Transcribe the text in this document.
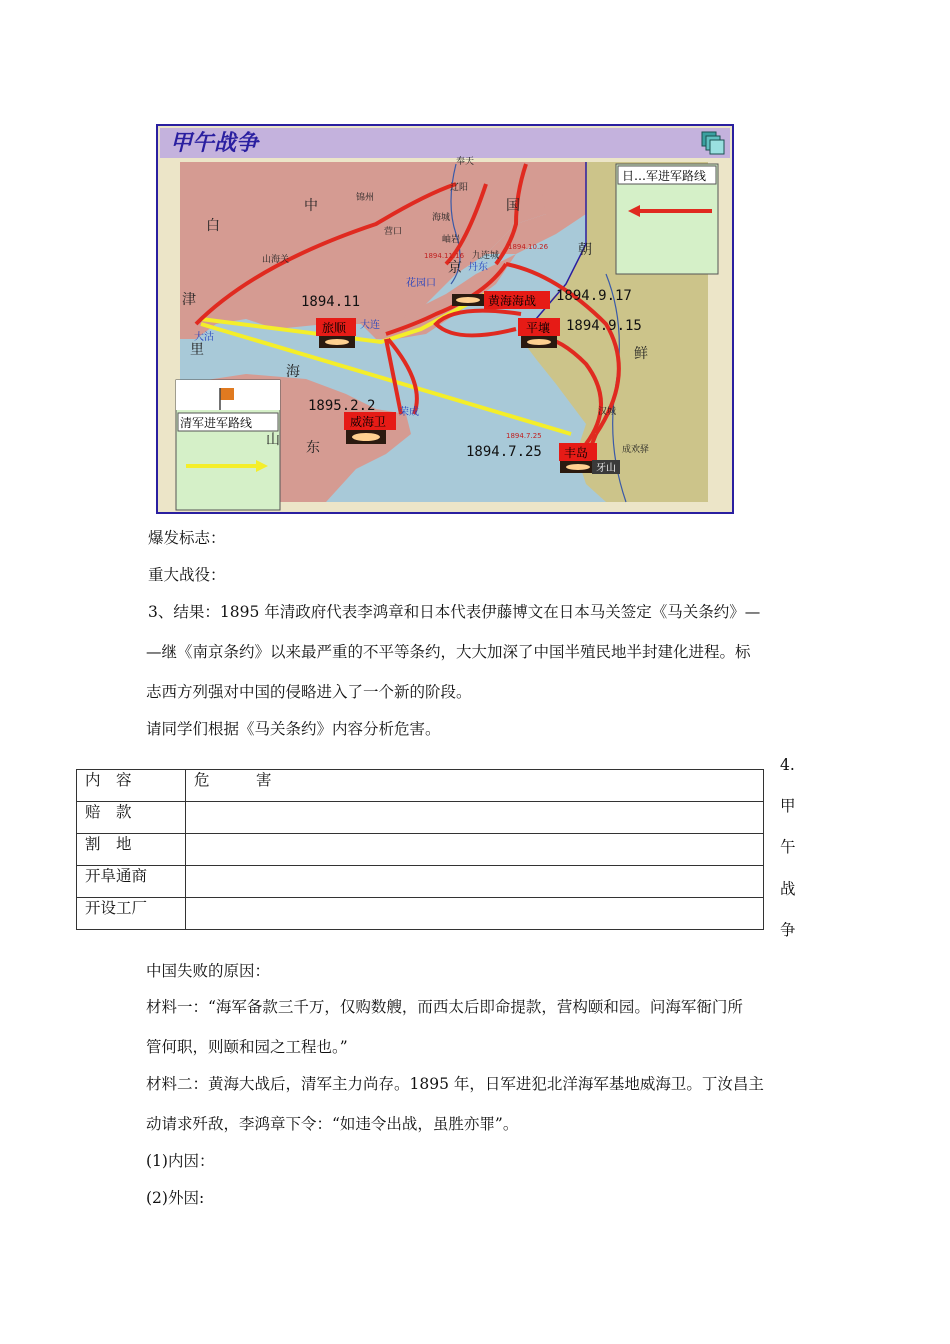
甲午战争
日…军进军路线
清军进军路线
旅顺
黄海海战
平壤
威海卫
丰岛
1894.11	1894.9.17
1894.9.15
1895.2.2
1894.7.25
1894.10.26
1894.11.16
1894.7.25
中	国
朝
鲜
白
津
里
山 东
海
京
奉天
辽阳
锦州
营口
海城
岫岩
九连城
山海关
汉城
成欢驿
大沽
花园口
丹东
大连
荣成
牙山
爆发标志：
重大战役：
3、结果：1895 年清政府代表李鸿章和日本代表伊藤博文在日本马关签定《马关条约》—
—继《南京条约》以来最严重的不平等条约，大大加深了中国半殖民地半封建化进程。标
志西方列强对中国的侵略进入了一个新的阶段。
请同学们根据《马关条约》内容分析危害。
内　容	危　　　害
赔　款	
割　地	
开阜通商	
开设工厂	
4.
甲
午
战
争
中国失败的原因：
材料一：“海军备款三千万，仅购数艘，而西太后即命提款，营构颐和园。问海军衙门所
管何职，则颐和园之工程也。”
材料二：黄海大战后，清军主力尚存。1895 年，日军进犯北洋海军基地威海卫。丁汝昌主
动请求歼敌，李鸿章下令：“如违令出战，虽胜亦罪”。
(1)内因：
(2)外因:
